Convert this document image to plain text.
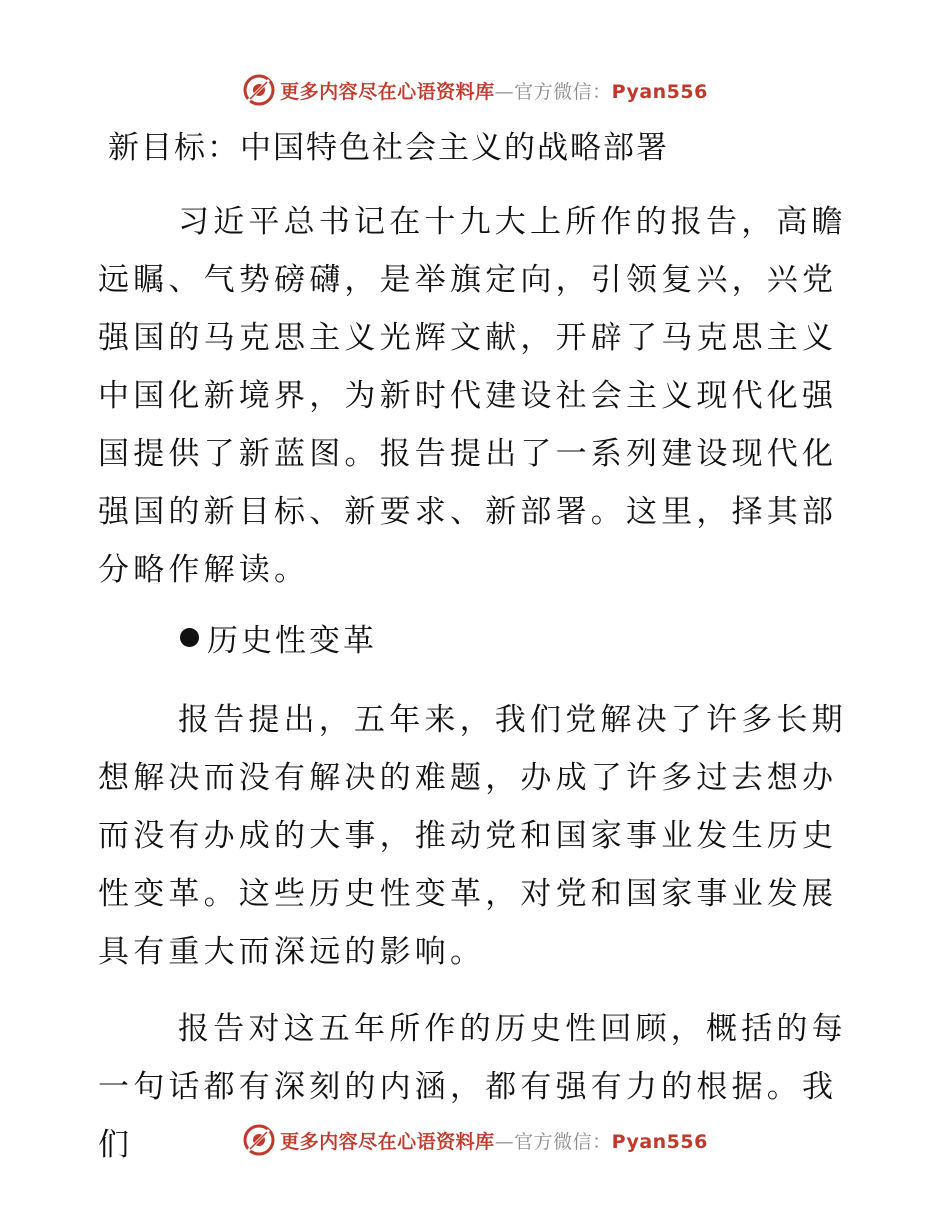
更多内容尽在心语资料库—官方微信：Pyan556
新目标：中国特色社会主义的战略部署

习近平总书记在十九大上所作的报告，高瞻远瞩、气势磅礴，是举旗定向，引领复兴，兴党强国的马克思主义光辉文献，开辟了马克思主义中国化新境界，为新时代建设社会主义现代化强国提供了新蓝图。报告提出了一系列建设现代化强国的新目标、新要求、新部署。这里，择其部分略作解读。

历史性变革

报告提出，五年来，我们党解决了许多长期想解决而没有解决的难题，办成了许多过去想办而没有办成的大事，推动党和国家事业发生历史性变革。这些历史性变革，对党和国家事业发展具有重大而深远的影响。

报告对这五年所作的历史性回顾，概括的每一句话都有深刻的内涵，都有强有力的根据。我们	更多内容尽在心语资料库—官方微信：Pyan556
